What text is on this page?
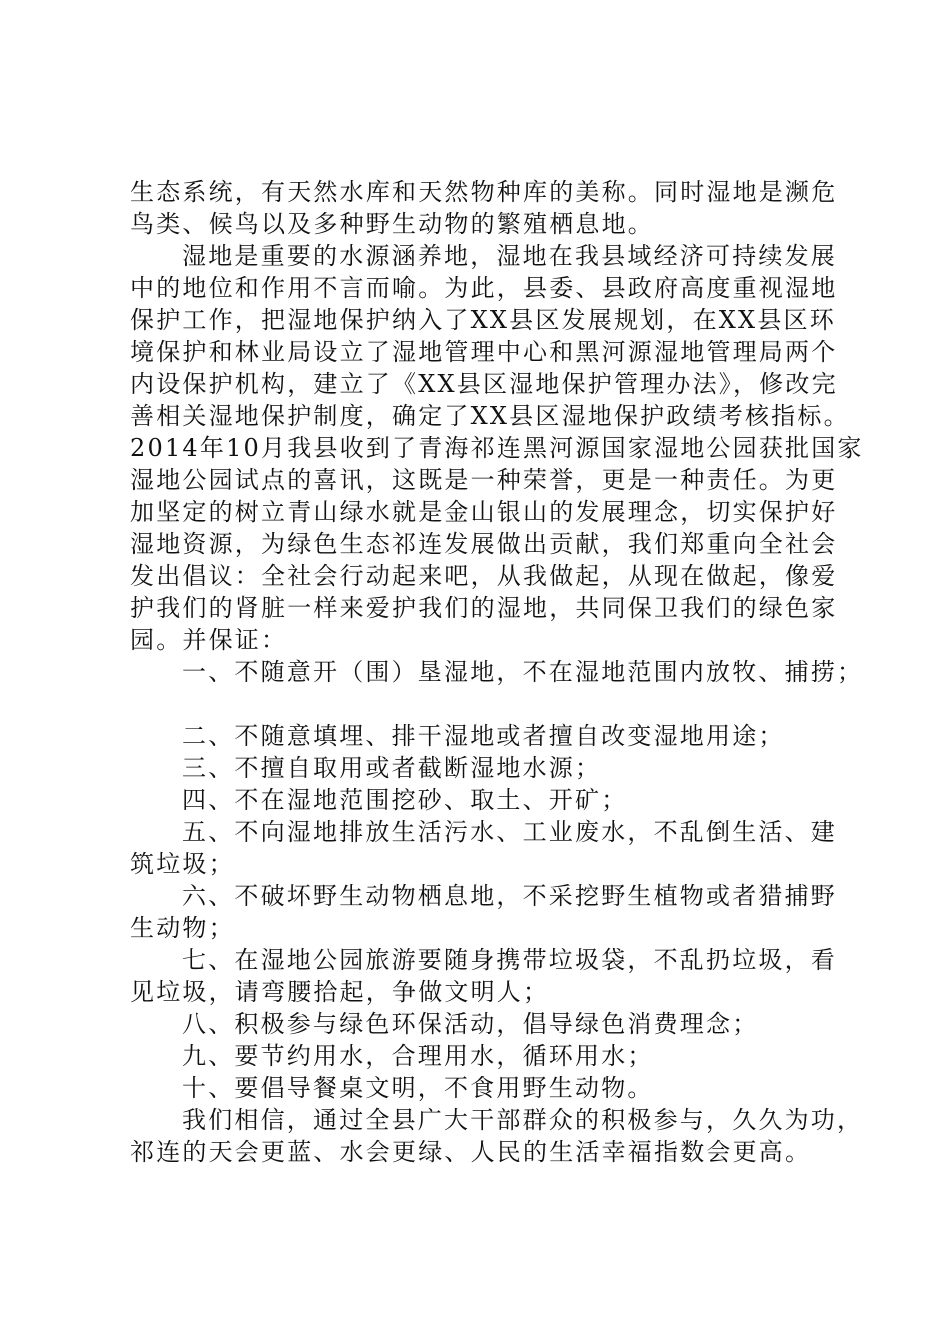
生态系统，有天然水库和天然物种库的美称。同时湿地是濒危
鸟类、候鸟以及多种野生动物的繁殖栖息地。
湿地是重要的水源涵养地，湿地在我县域经济可持续发展
中的地位和作用不言而喻。为此，县委、县政府高度重视湿地
保护工作，把湿地保护纳入了XX县区发展规划，在XX县区环
境保护和林业局设立了湿地管理中心和黑河源湿地管理局两个
内设保护机构，建立了《XX县区湿地保护管理办法》，修改完
善相关湿地保护制度，确定了XX县区湿地保护政绩考核指标。
2014年10月我县收到了青海祁连黑河源国家湿地公园获批国家
湿地公园试点的喜讯，这既是一种荣誉，更是一种责任。为更
加坚定的树立青山绿水就是金山银山的发展理念，切实保护好
湿地资源，为绿色生态祁连发展做出贡献，我们郑重向全社会
发出倡议：全社会行动起来吧，从我做起，从现在做起，像爱
护我们的肾脏一样来爱护我们的湿地，共同保卫我们的绿色家
园。并保证：
一、不随意开（围）垦湿地，不在湿地范围内放牧、捕捞；
二、不随意填埋、排干湿地或者擅自改变湿地用途；
三、不擅自取用或者截断湿地水源；
四、不在湿地范围挖砂、取土、开矿；
五、不向湿地排放生活污水、工业废水，不乱倒生活、建
筑垃圾；
六、不破坏野生动物栖息地，不采挖野生植物或者猎捕野
生动物；
七、在湿地公园旅游要随身携带垃圾袋，不乱扔垃圾，看
见垃圾，请弯腰拾起，争做文明人；
八、积极参与绿色环保活动，倡导绿色消费理念；
九、要节约用水，合理用水，循环用水；
十、要倡导餐桌文明，不食用野生动物。
我们相信，通过全县广大干部群众的积极参与，久久为功，
祁连的天会更蓝、水会更绿、人民的生活幸福指数会更高。
